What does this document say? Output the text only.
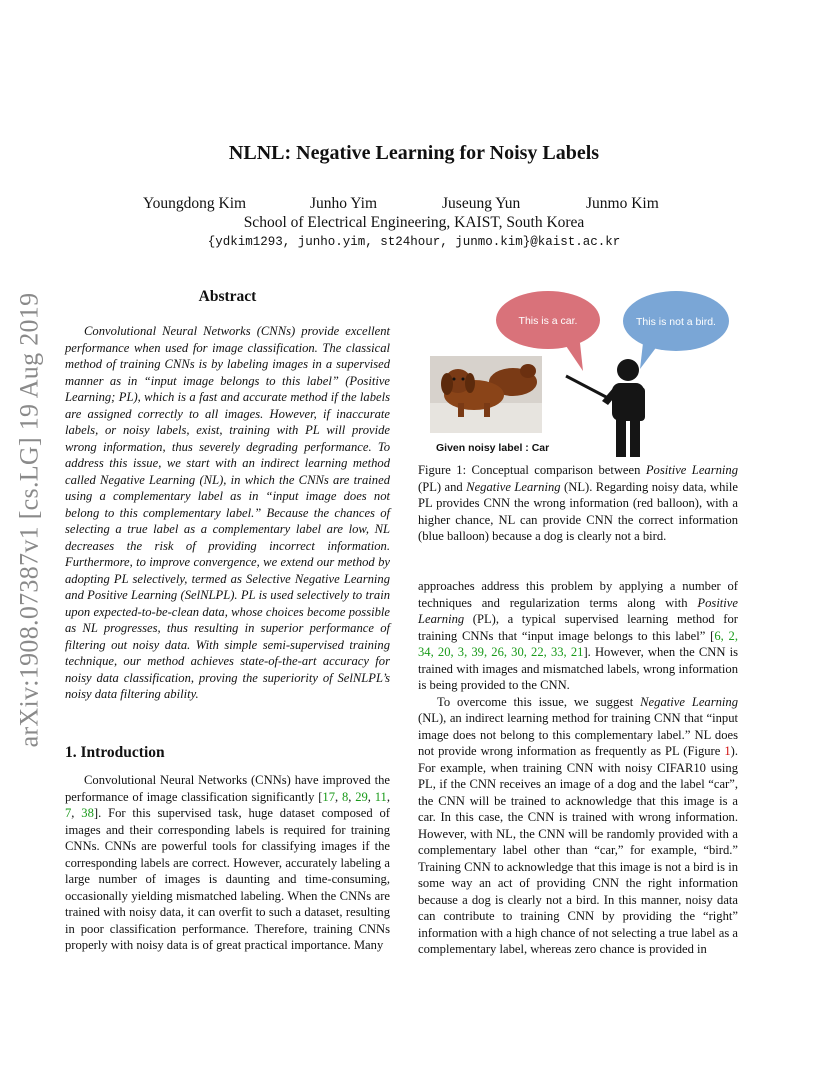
arXiv:1908.07387v1 [cs.LG] 19 Aug 2019
NLNL: Negative Learning for Noisy Labels
Youngdong Kim	Junho Yim	Juseung Yun	Junmo Kim
School of Electrical Engineering, KAIST, South Korea
{ydkim1293, junho.yim, st24hour, junmo.kim}@kaist.ac.kr
Abstract

Convolutional Neural Networks (CNNs) provide excellent performance when used for image classification. The classical method of training CNNs is by labeling images in a supervised manner as in “input image belongs to this label” (Positive Learning; PL), which is a fast and accurate method if the labels are assigned correctly to all images. However, if inaccurate labels, or noisy labels, exist, training with PL will provide wrong information, thus severely degrading performance. To address this issue, we start with an indirect learning method called Negative Learning (NL), in which the CNNs are trained using a complementary label as in “input image does not belong to this complementary label.” Because the chances of selecting a true label as a complementary label are low, NL decreases the risk of providing incorrect information. Furthermore, to improve convergence, we extend our method by adopting PL selectively, termed as Selective Negative Learning and Positive Learning (SelNLPL). PL is used selectively to train upon expected-to-be-clean data, whose choices become possible as NL progresses, thus resulting in superior performance of filtering out noisy data. With simple semi-supervised training technique, our method achieves state-of-the-art accuracy for noisy data classification, proving the superiority of SelNLPL’s noisy data filtering ability.

1. Introduction

Convolutional Neural Networks (CNNs) have improved the performance of image classification significantly [17, 8, 29, 11, 7, 38]. For this supervised task, huge dataset composed of images and their corresponding labels is required for training CNNs. CNNs are powerful tools for classifying images if the corresponding labels are correct. However, accurately labeling a large number of images is daunting and time-consuming, occasionally yielding mismatched labeling. When the CNNs are trained with noisy data, it can overfit to such a dataset, resulting in poor classification performance. Therefore, training CNNs properly with noisy data is of great practical importance. Many

This is a car.	This is not a bird.
Given noisy label : Car
Figure 1: Conceptual comparison between Positive Learning (PL) and Negative Learning (NL). Regarding noisy data, while PL provides CNN the wrong information (red balloon), with a higher chance, NL can provide CNN the correct information (blue balloon) because a dog is clearly not a bird.

approaches address this problem by applying a number of techniques and regularization terms along with Positive Learning (PL), a typical supervised learning method for training CNNs that “input image belongs to this label” [6, 2, 34, 20, 3, 39, 26, 30, 22, 33, 21]. However, when the CNN is trained with images and mismatched labels, wrong information is being provided to the CNN.

To overcome this issue, we suggest Negative Learning (NL), an indirect learning method for training CNN that “input image does not belong to this complementary label.” NL does not provide wrong information as frequently as PL (Figure 1). For example, when training CNN with noisy CIFAR10 using PL, if the CNN receives an image of a dog and the label “car”, the CNN will be trained to acknowledge that this image is a car. In this case, the CNN is trained with wrong information. However, with NL, the CNN will be randomly provided with a complementary label other than “car,” for example, “bird.” Training CNN to acknowledge that this image is not a bird is in some way an act of providing CNN the right information because a dog is clearly not a bird. In this manner, noisy data can contribute to training CNN by providing the “right” information with a high chance of not selecting a true label as a complementary label, whereas zero chance is provided in
